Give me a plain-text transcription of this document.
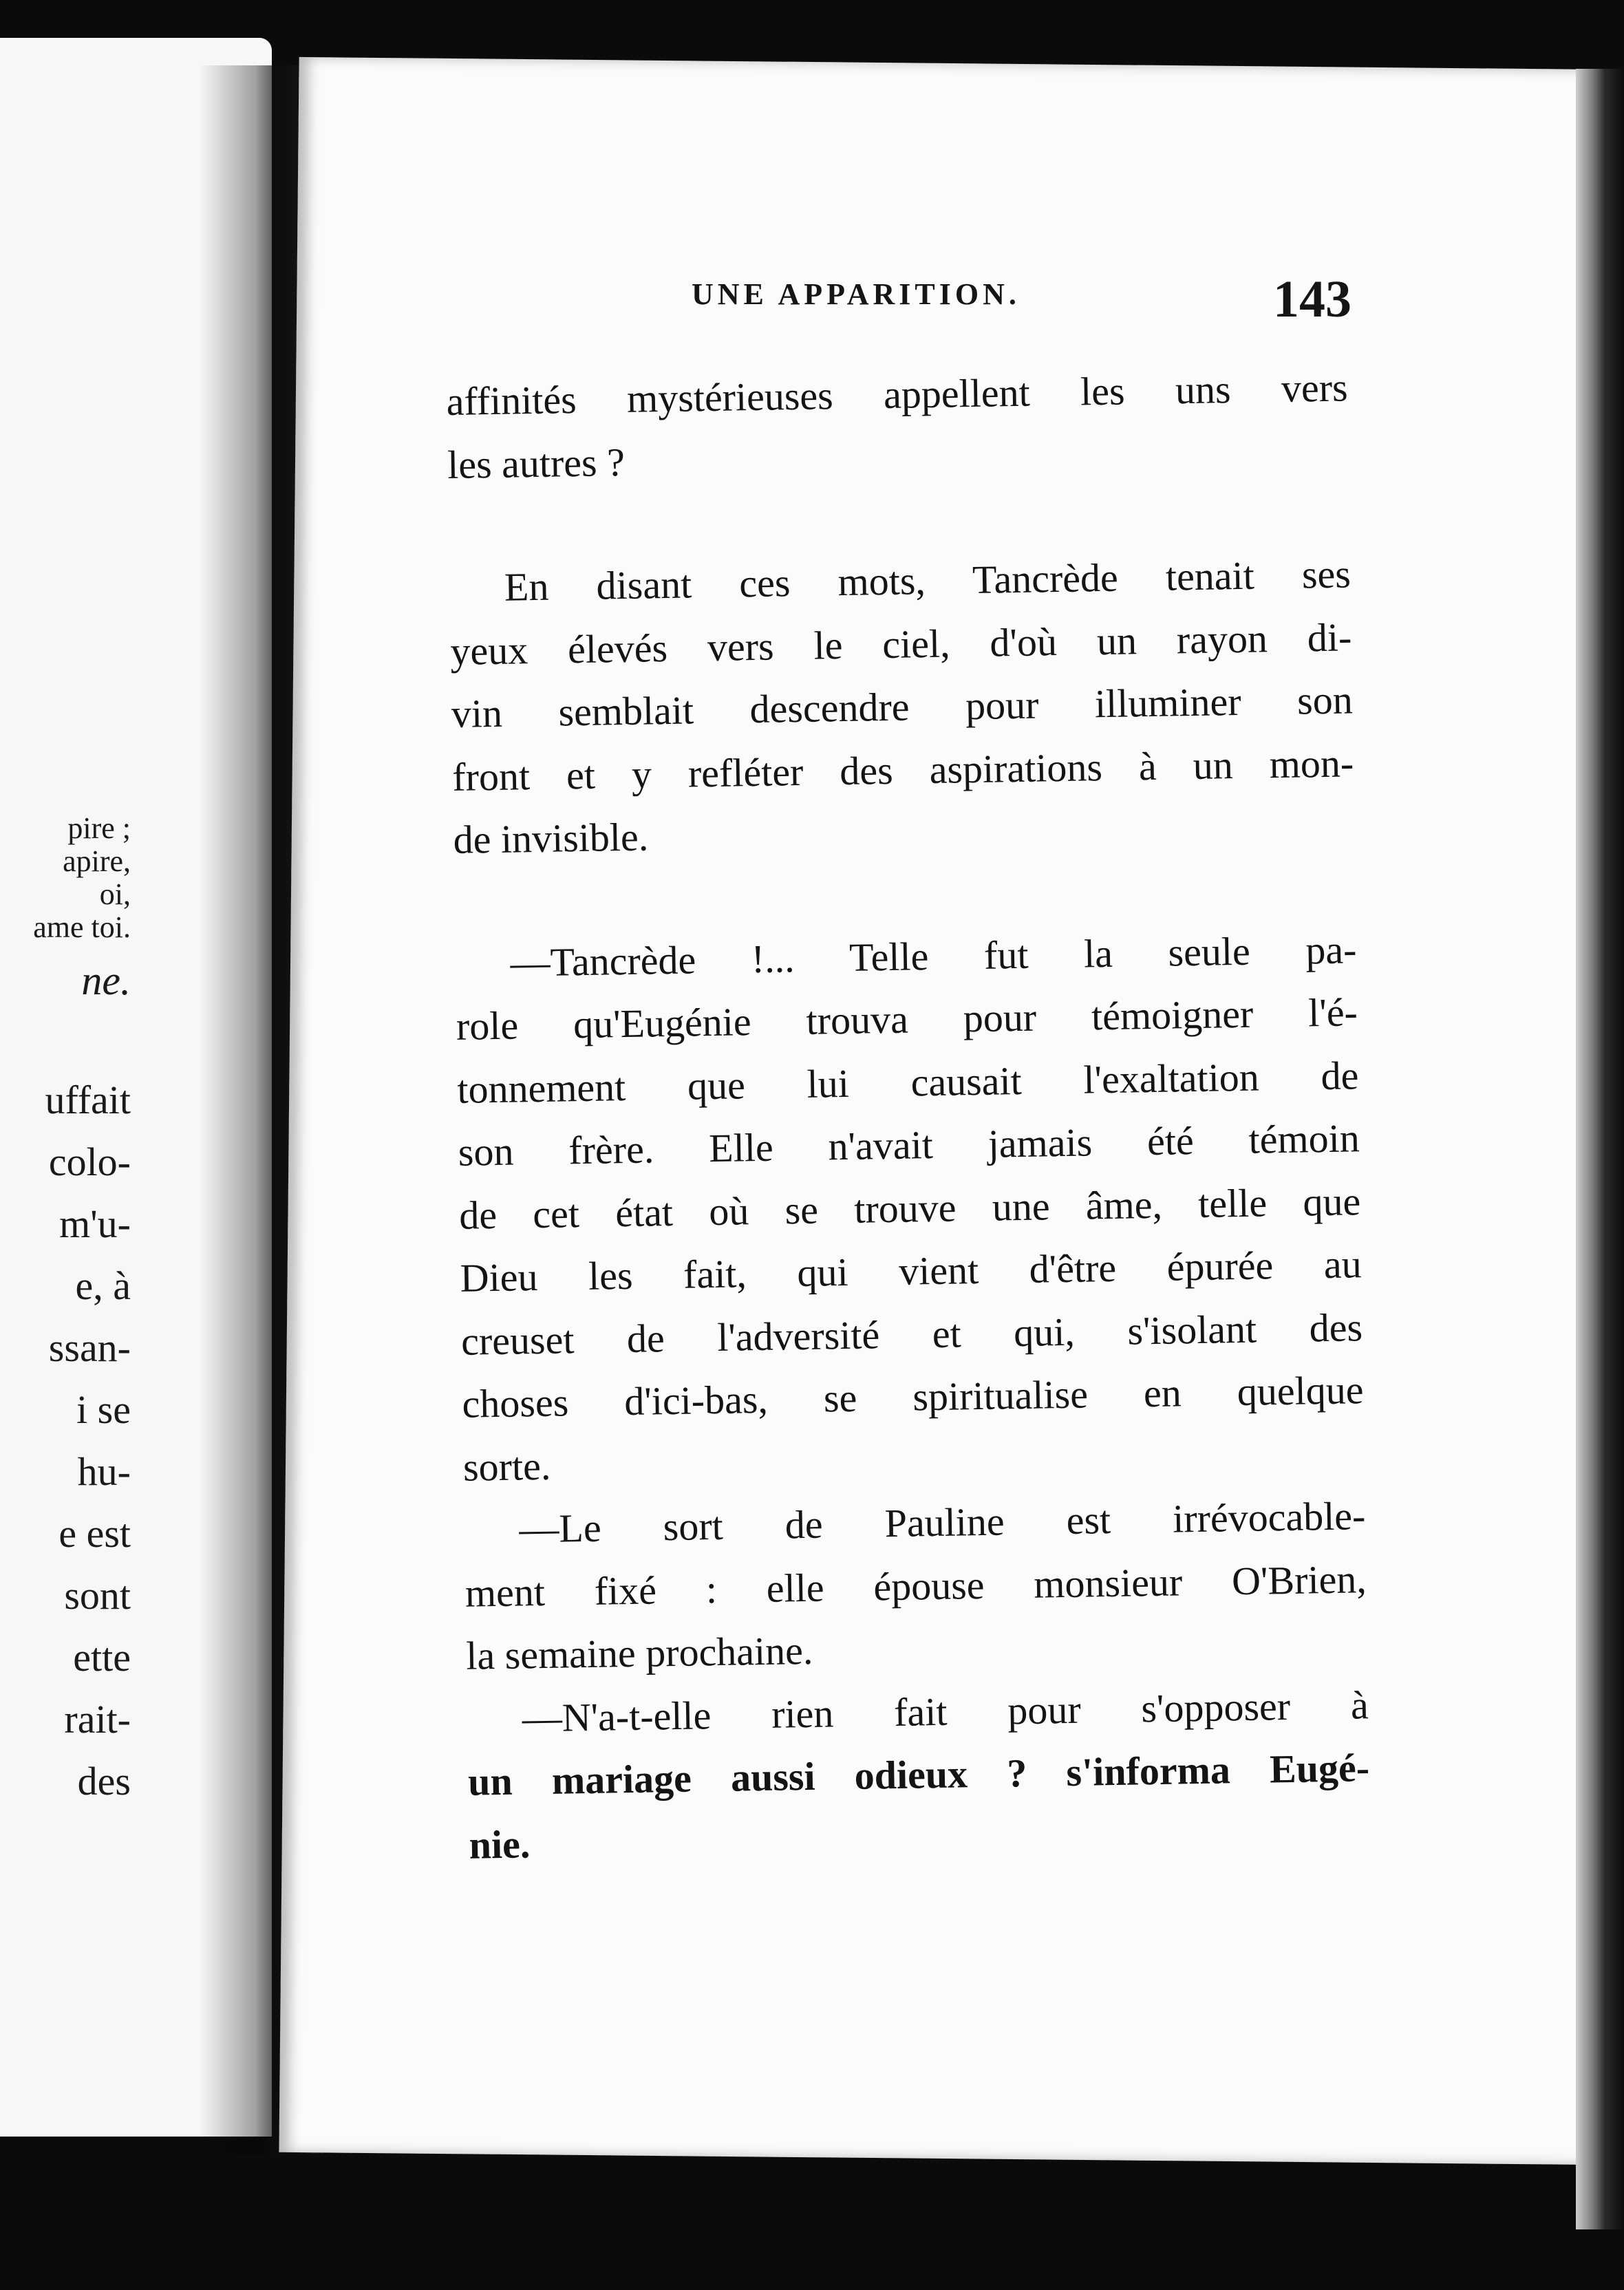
pire ;

apire,

oi,

ame toi.

ne.

uffait

colo-

m'u-

e, à

ssan-

i se

hu-

e est

sont

ette

rait-

des

UNE APPARITION.	143

affinités mystérieuses appellent les uns vers

les autres ?

En disant ces mots, Tancrède tenait ses

yeux élevés vers le ciel, d'où un rayon di-

vin semblait descendre pour illuminer son

front et y refléter des aspirations à un mon-

de invisible.

—Tancrède !... Telle fut la seule pa-

role qu'Eugénie trouva pour témoigner l'é-

tonnement que lui causait l'exaltation de

son frère. Elle n'avait jamais été témoin

de cet état où se trouve une âme, telle que

Dieu les fait, qui vient d'être épurée au

creuset de l'adversité et qui, s'isolant des

choses d'ici-bas, se spiritualise en quelque

sorte.

—Le sort de Pauline est irrévocable-

ment fixé : elle épouse monsieur O'Brien,

la semaine prochaine.

—N'a-t-elle rien fait pour s'opposer à

un mariage aussi odieux ? s'informa Eugé-

nie.
